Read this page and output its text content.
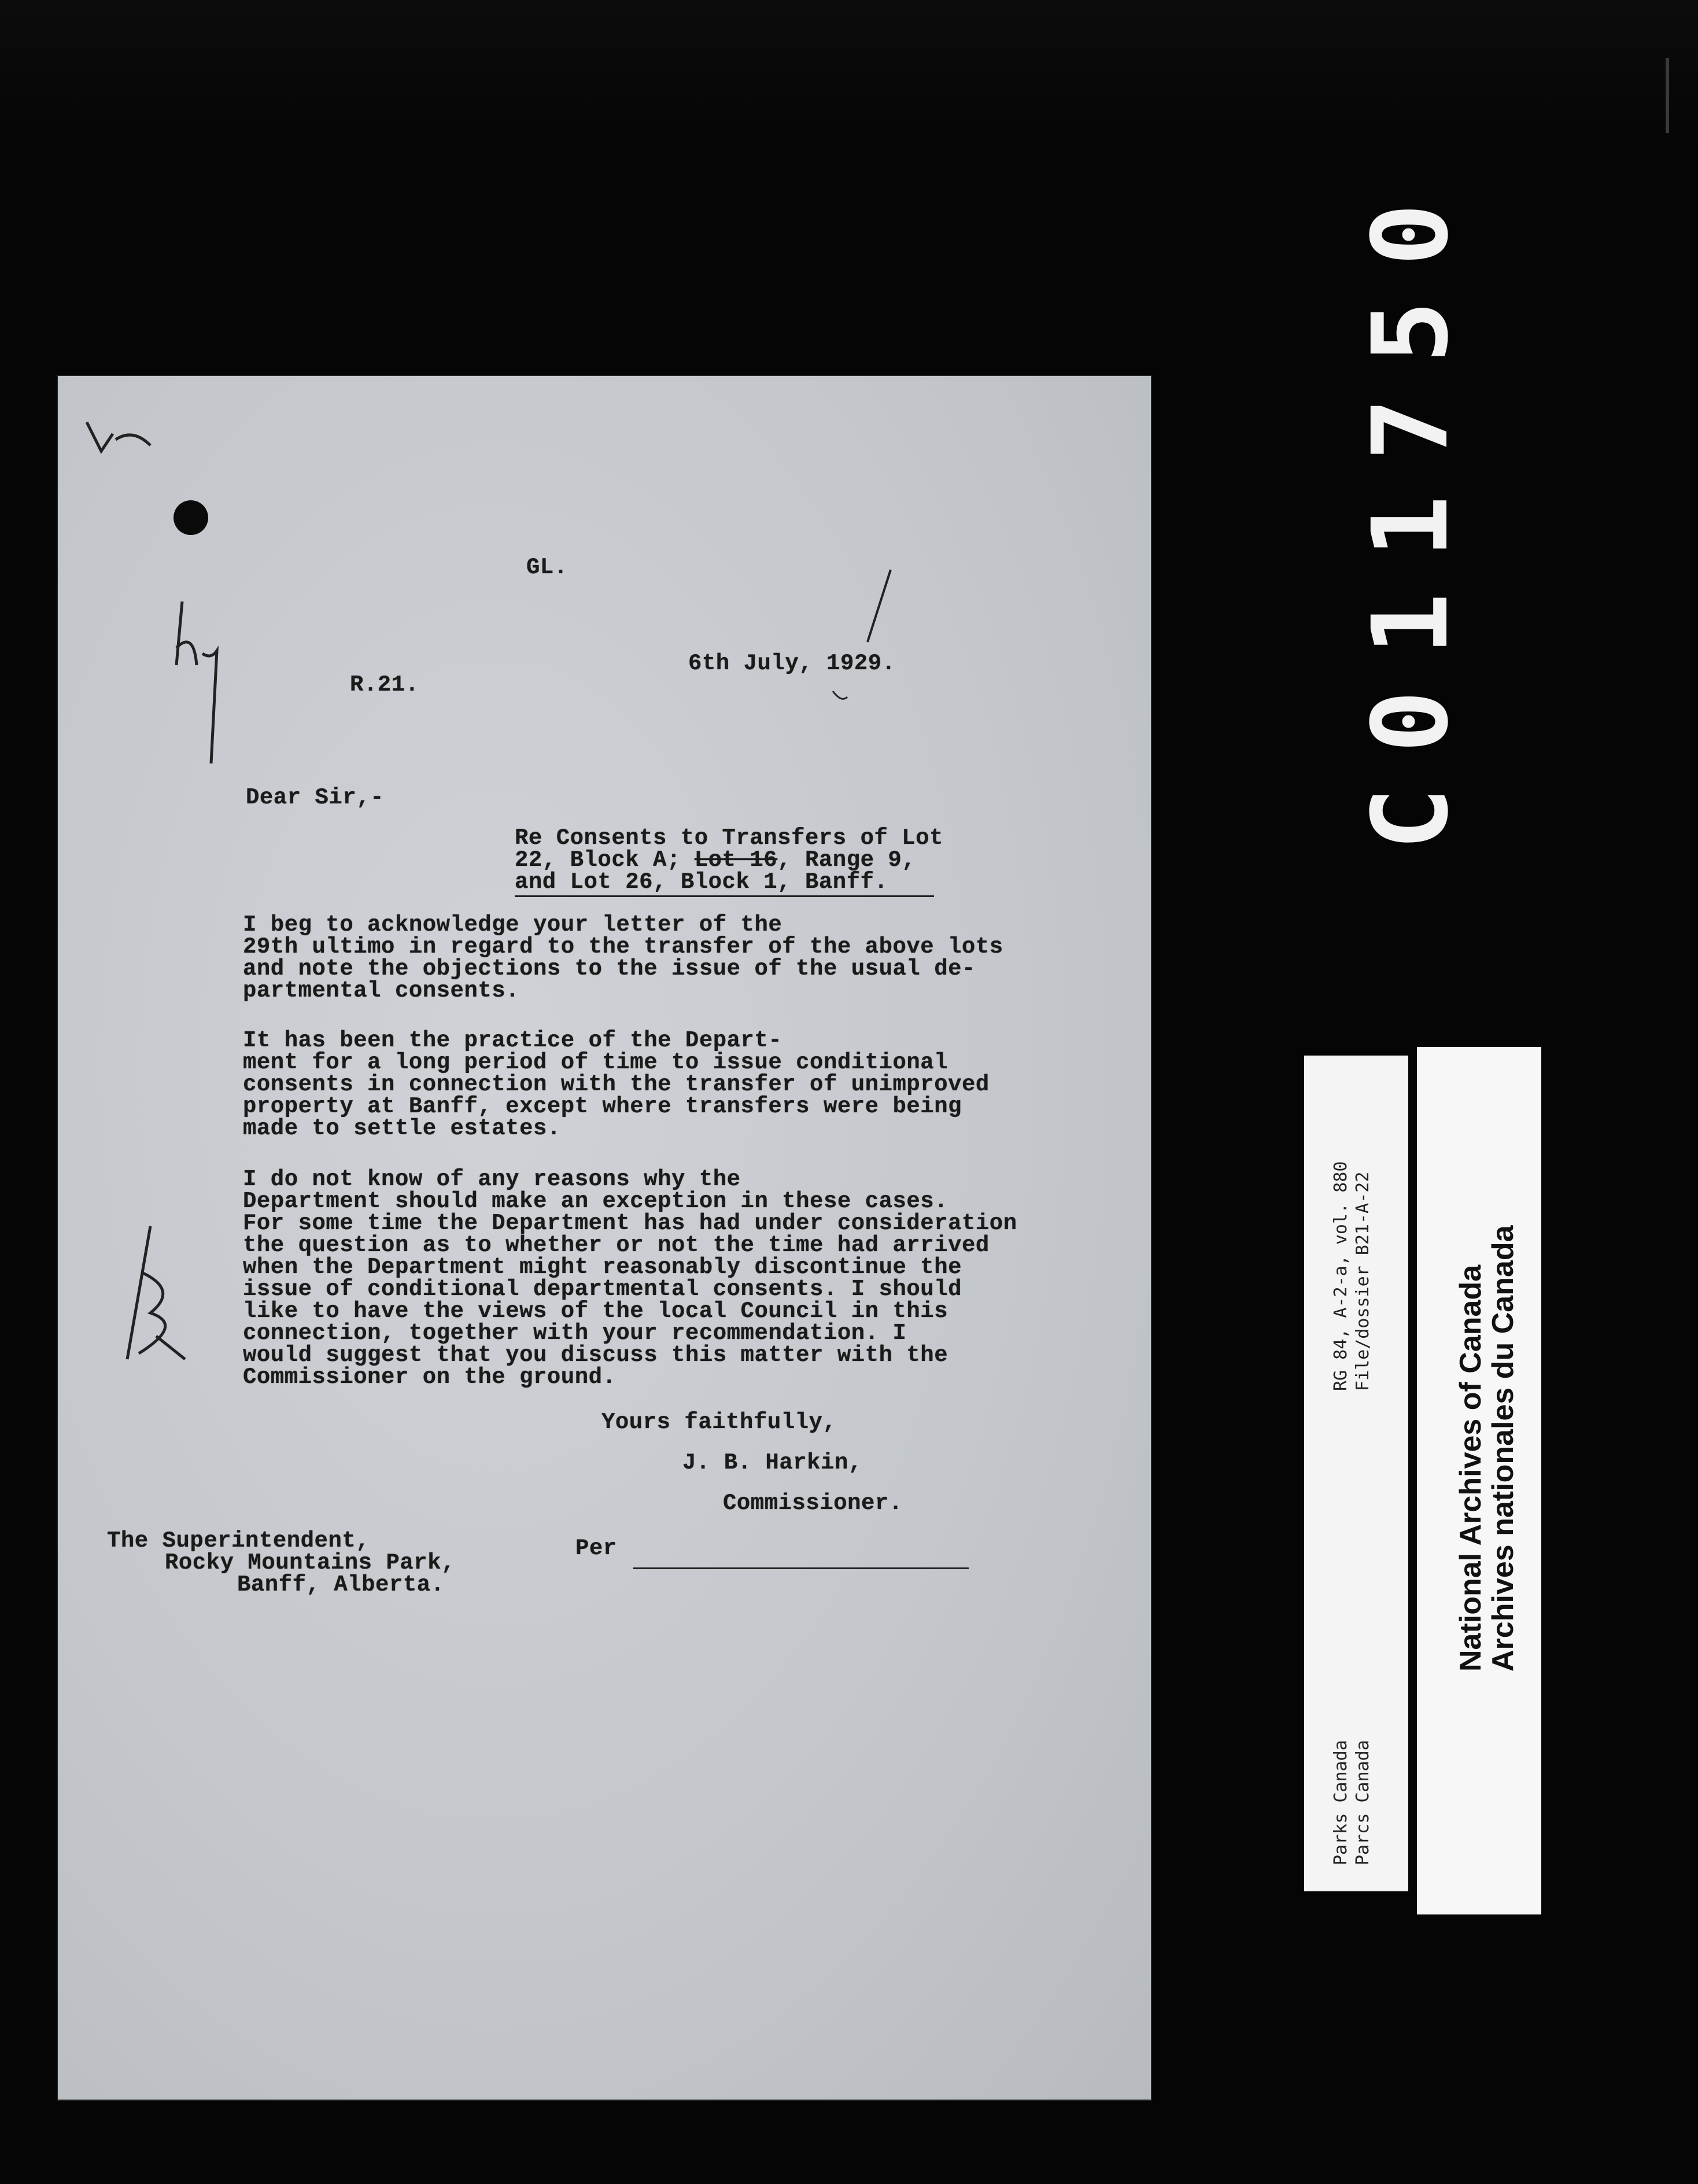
C011750
GL.
6th July, 1929.
R.21.
Dear Sir,-
Re Consents to Transfers of Lot
22, Block A; Lot 16, Range 9,
and Lot 26, Block 1, Banff.
I beg to acknowledge your letter of the
29th ultimo in regard to the transfer of the above lots
and note the objections to the issue of the usual de-
partmental consents.
It has been the practice of the Depart-
ment for a long period of time to issue conditional
consents in connection with the transfer of unimproved
property at Banff, except where transfers were being
made to settle estates.
I do not know of any reasons why the
Department should make an exception in these cases.
For some time the Department has had under consideration
the question as to whether or not the time had arrived
when the Department might reasonably discontinue the
issue of conditional departmental consents. I should
like to have the views of the local Council in this
connection, together with your recommendation. I
would suggest that you discuss this matter with the
Commissioner on the ground.
Yours faithfully,
J. B. Harkin,
Commissioner.
Per
The Superintendent,
Rocky Mountains Park,
Banff, Alberta.
RG 84, A-2-a, vol. 880 File/dossier B21-A-22
Parks Canada Parcs Canada
National Archives of Canada
Archives nationales du Canada
